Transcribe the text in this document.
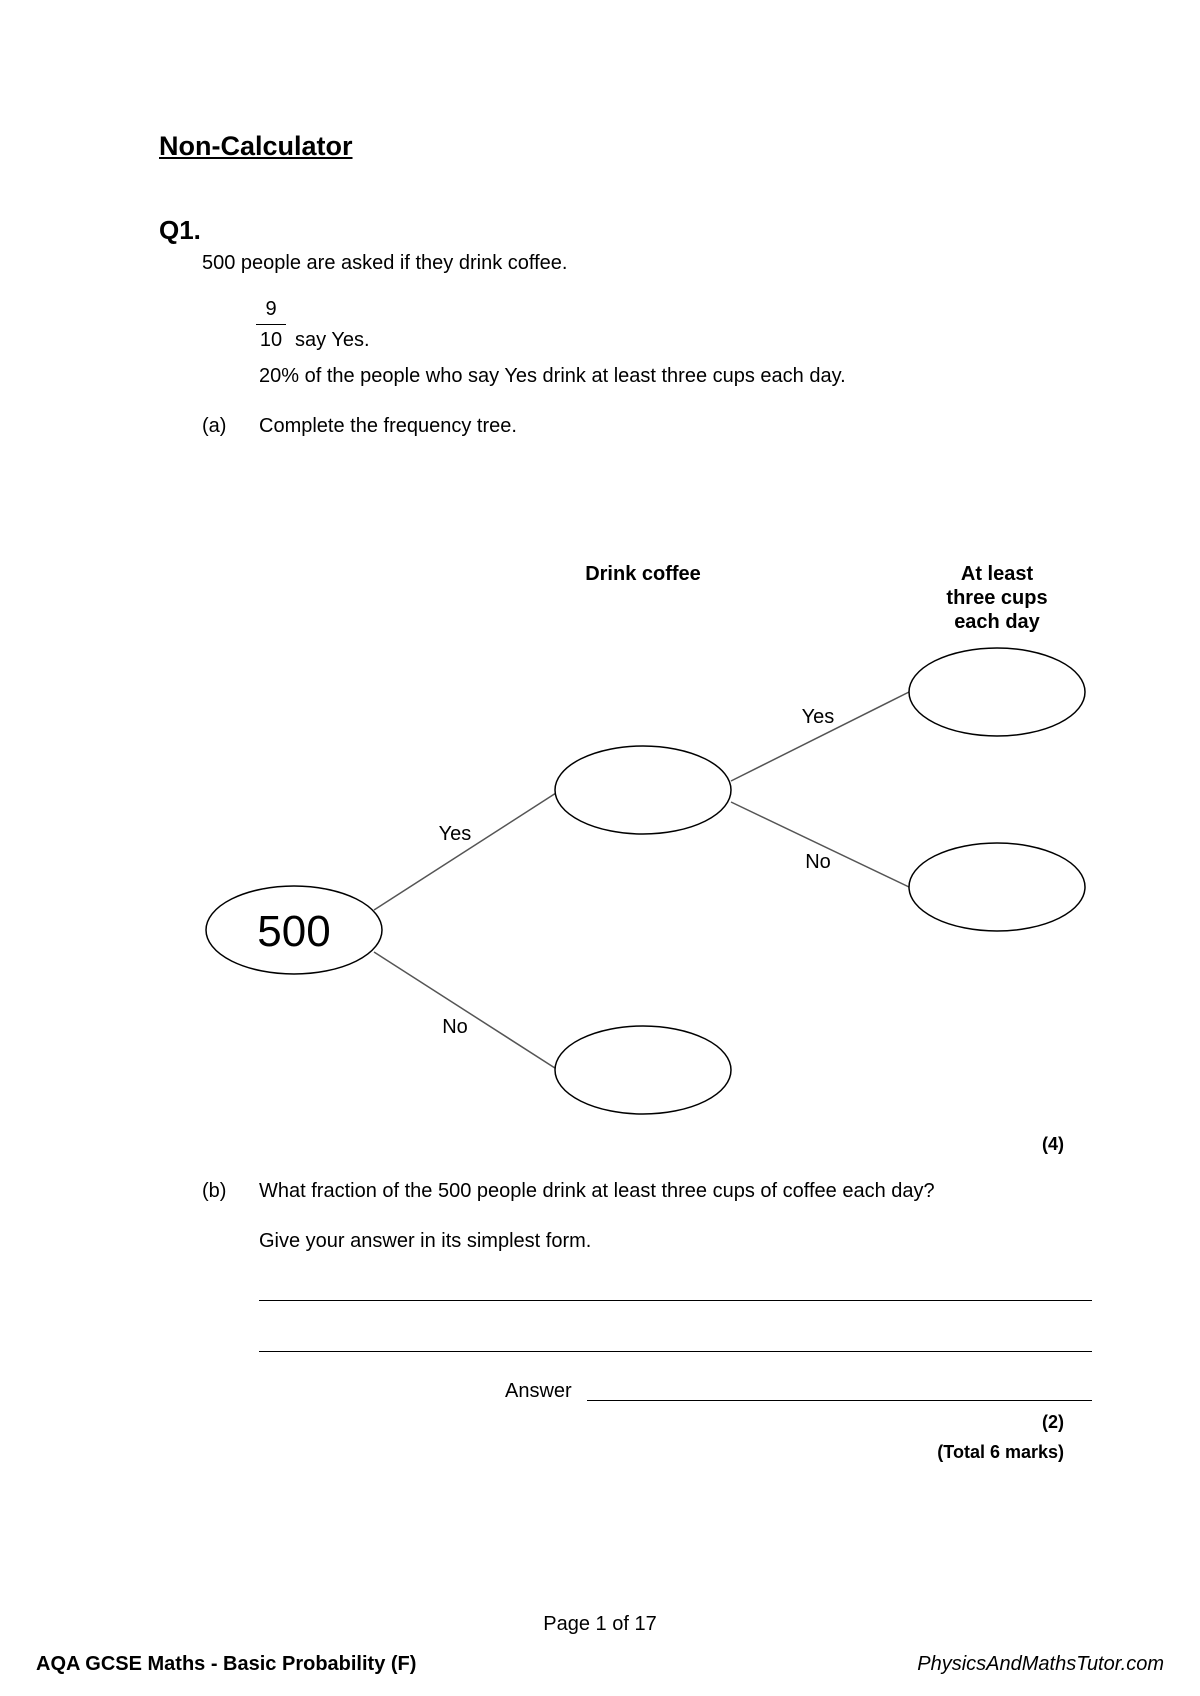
Non-Calculator
Q1.
500 people are asked if they drink coffee.
9
10 say Yes.
20% of the people who say Yes drink at least three cups each day.
(a) Complete the frequency tree.
500
Drink coffee	At least
three cups
each day
Yes
No
Yes
No
(4)
(b) What fraction of the 500 people drink at least three cups of coffee each day?
Give your answer in its simplest form.
Answer
(2)
(Total 6 marks)
Page 1 of 17
AQA GCSE Maths - Basic Probability (F)	PhysicsAndMathsTutor.com
